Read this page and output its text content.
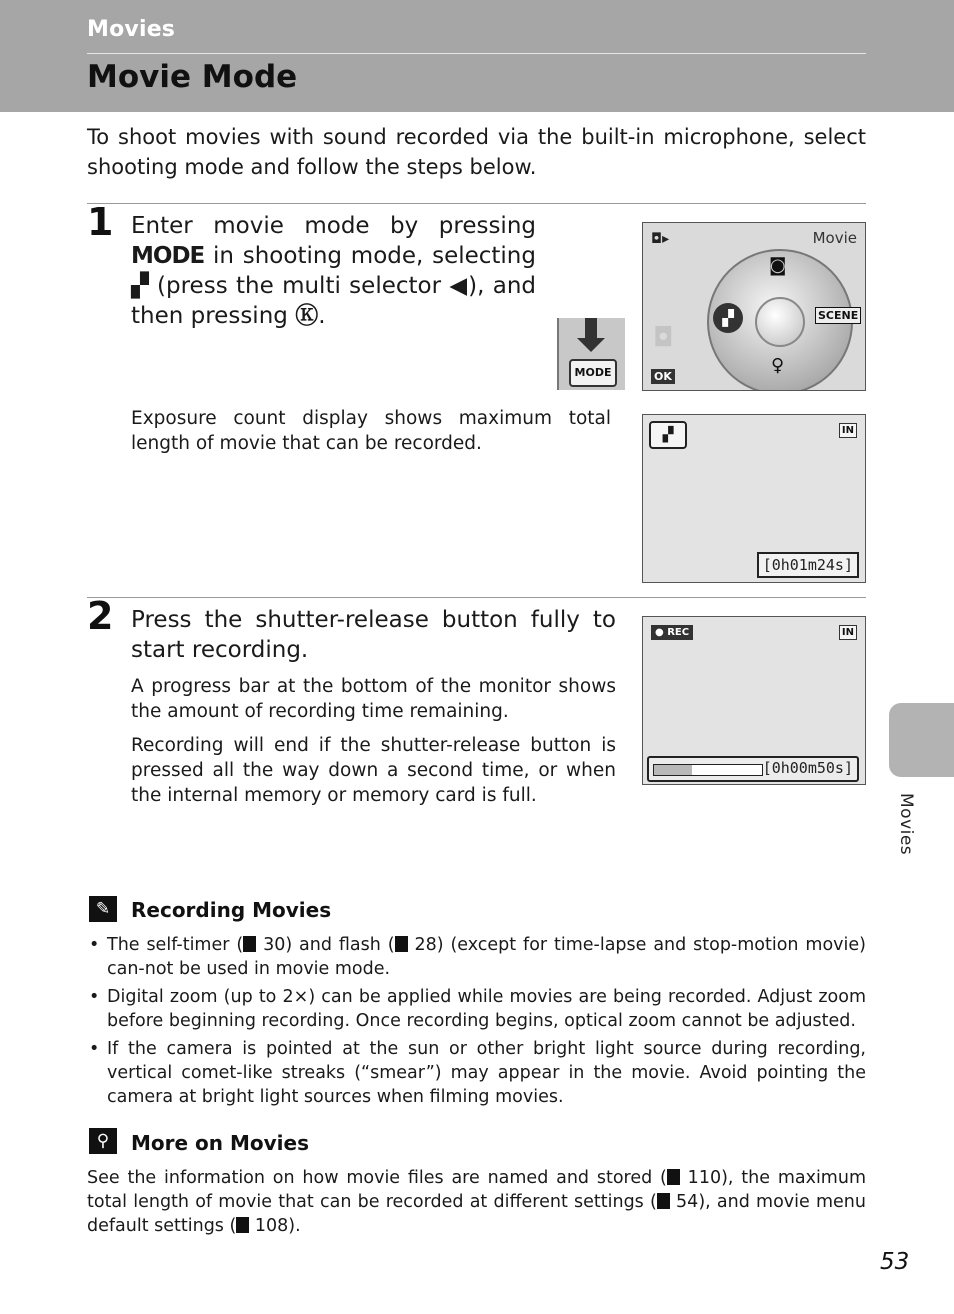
Movies
Movie Mode

To shoot movies with sound recorded via the built-in microphone, select shooting mode and follow the steps below.

1 Enter movie mode by pressing MODE in shooting mode, selecting ▞ (press the multi selector ◀), and then pressing Ⓚ.

MODE

Exposure count display shows maximum total length of movie that can be recorded.

◘▸	Movie
◘
◙
▞	SCENE
♀
OK
▞	IN
[0h01m24s]
2 Press the shutter-release button fully to start recording.

A progress bar at the bottom of the monitor shows the amount of recording time remaining.

Recording will end if the shutter-release button is pressed all the way down a second time, or when the internal memory or memory card is full.

● REC	IN
[0h00m50s]
Movies
✎	Recording Movies
• The self-timer ( 30) and flash ( 28) (except for time-lapse and stop-motion movie) can-not be used in movie mode.
• Digital zoom (up to 2×) can be applied while movies are being recorded. Adjust zoom before beginning recording. Once recording begins, optical zoom cannot be adjusted.
• If the camera is pointed at the sun or other bright light source during recording, vertical comet-like streaks (“smear”) may appear in the movie. Avoid pointing the camera at bright light sources when filming movies.
⚲	More on Movies

See the information on how movie files are named and stored ( 110), the maximum total length of movie that can be recorded at different settings ( 54), and movie menu default settings ( 108).

53
